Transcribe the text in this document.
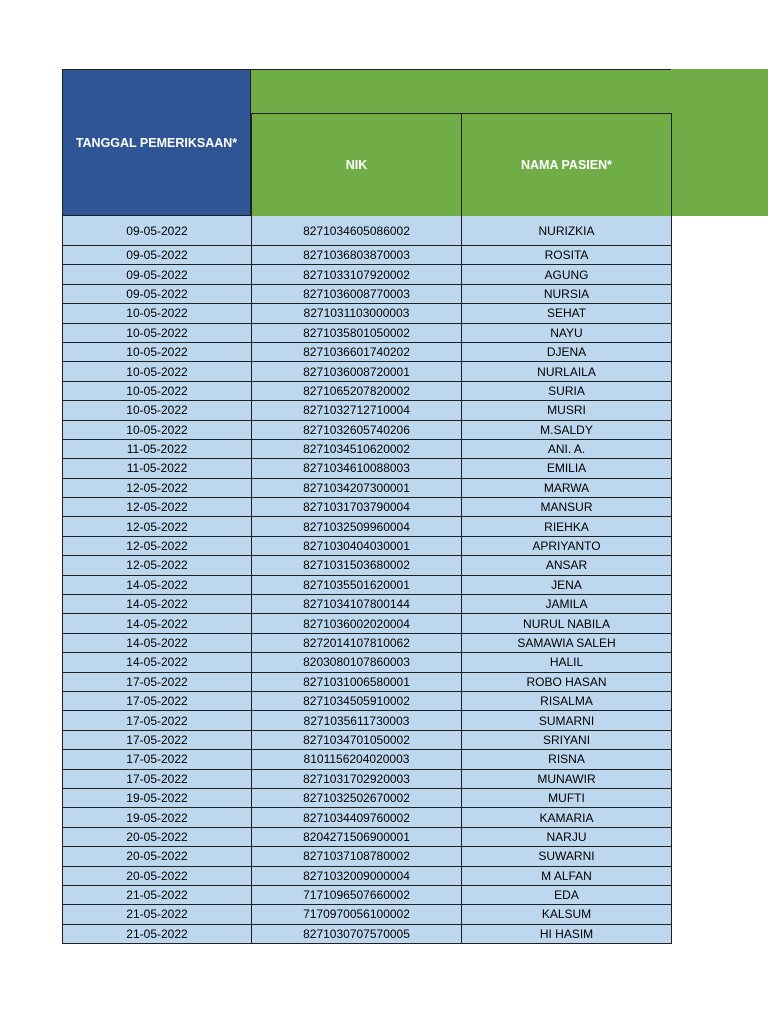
TANGGAL PEMERIKSAAN*
NIK	NAMA PASIEN*
09-05-2022	8271034605086002	NURIZKIA
09-05-2022	8271036803870003	ROSITA
09-05-2022	8271033107920002	AGUNG
09-05-2022	8271036008770003	NURSIA
10-05-2022	8271031103000003	SEHAT
10-05-2022	8271035801050002	NAYU
10-05-2022	8271036601740202	DJENA
10-05-2022	8271036008720001	NURLAILA
10-05-2022	8271065207820002	SURIA
10-05-2022	8271032712710004	MUSRI
10-05-2022	8271032605740206	M.SALDY
11-05-2022	8271034510620002	ANI. A.
11-05-2022	8271034610088003	EMILIA
12-05-2022	8271034207300001	MARWA
12-05-2022	8271031703790004	MANSUR
12-05-2022	8271032509960004	RIEHKA
12-05-2022	8271030404030001	APRIYANTO
12-05-2022	8271031503680002	ANSAR
14-05-2022	8271035501620001	JENA
14-05-2022	8271034107800144	JAMILA
14-05-2022	8271036002020004	NURUL NABILA
14-05-2022	8272014107810062	SAMAWIA SALEH
14-05-2022	8203080107860003	HALIL
17-05-2022	8271031006580001	ROBO HASAN
17-05-2022	8271034505910002	RISALMA
17-05-2022	8271035611730003	SUMARNI
17-05-2022	8271034701050002	SRIYANI
17-05-2022	8101156204020003	RISNA
17-05-2022	8271031702920003	MUNAWIR
19-05-2022	8271032502670002	MUFTI
19-05-2022	8271034409760002	KAMARIA
20-05-2022	8204271506900001	NARJU
20-05-2022	8271037108780002	SUWARNI
20-05-2022	8271032009000004	M ALFAN
21-05-2022	7171096507660002	EDA
21-05-2022	7170970056100002	KALSUM
21-05-2022	8271030707570005	HI HASIM
